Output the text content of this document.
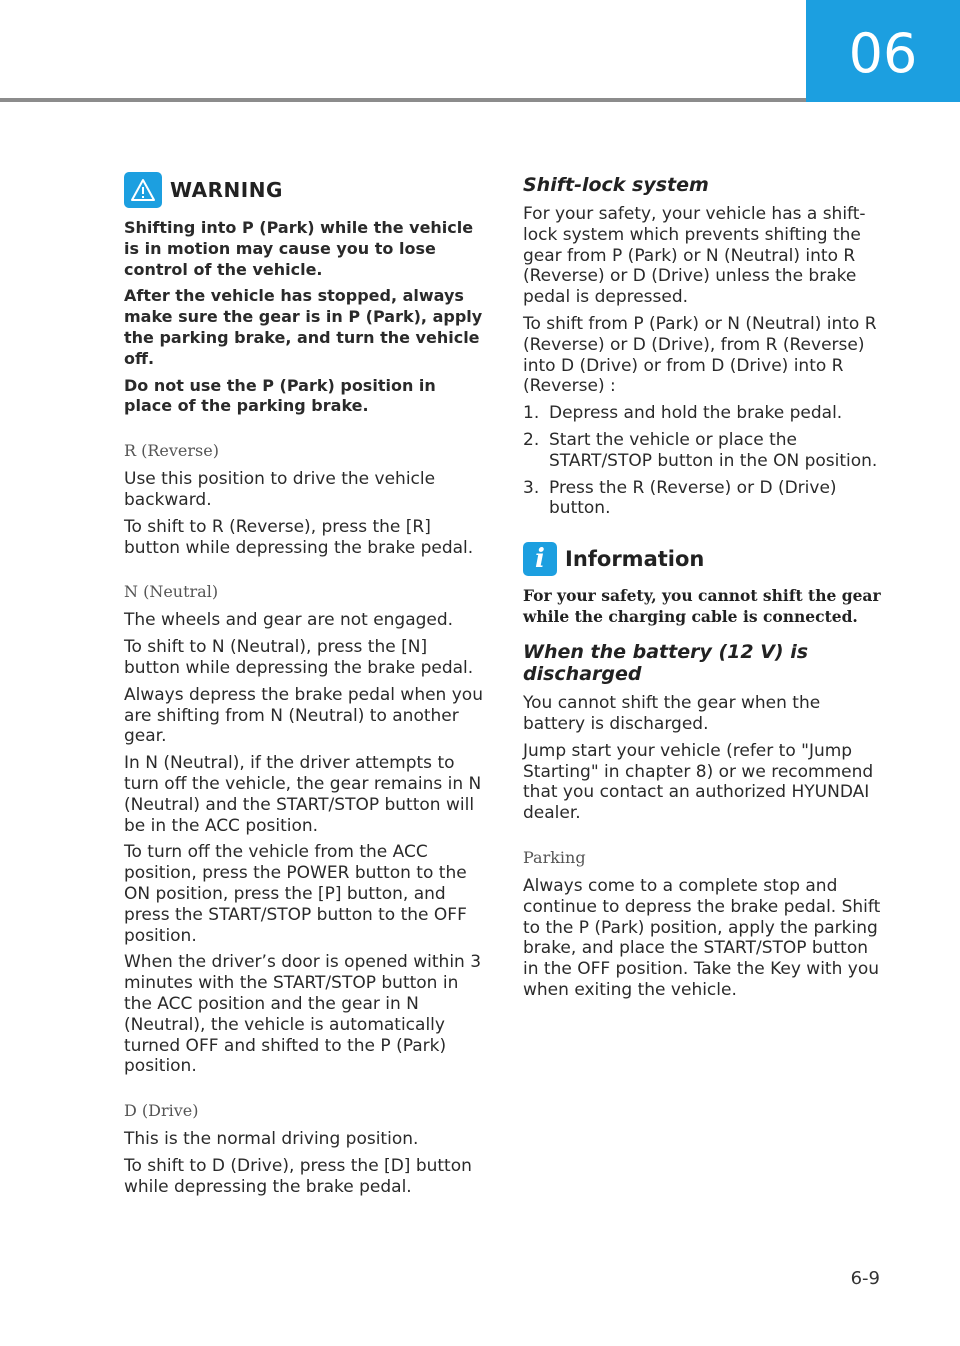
06
WARNING

Shifting into P (Park) while the vehicle is in motion may cause you to lose control of the vehicle.

After the vehicle has stopped, always make sure the gear is in P (Park), apply the parking brake, and turn the vehicle off.

Do not use the P (Park) position in place of the parking brake.

R (Reverse)

Use this position to drive the vehicle backward.

To shift to R (Reverse), press the [R] button while depressing the brake pedal.

N (Neutral)

The wheels and gear are not engaged.

To shift to N (Neutral), press the [N] button while depressing the brake pedal.

Always depress the brake pedal when you are shifting from N (Neutral) to another gear.

In N (Neutral), if the driver attempts to turn off the vehicle, the gear remains in N (Neutral) and the START/STOP button will be in the ACC position.

To turn off the vehicle from the ACC position, press the POWER button to the ON position, press the [P] button, and press the START/STOP button to the OFF position.

When the driver’s door is opened within 3 minutes with the START/STOP button in the ACC position and the gear in N (Neutral), the vehicle is automatically turned OFF and shifted to the P (Park) position.

D (Drive)

This is the normal driving position.

To shift to D (Drive), press the [D] button while depressing the brake pedal.

Shift-lock system

For your safety, your vehicle has a shift-lock system which prevents shifting the gear from P (Park) or N (Neutral) into R (Reverse) or D (Drive) unless the brake pedal is depressed.

To shift from P (Park) or N (Neutral) into R (Reverse) or D (Drive), from R (Reverse) into D (Drive) or from D (Drive) into R (Reverse) :

1. Depress and hold the brake pedal.
2. Start the vehicle or place the START/STOP button in the ON position.
3. Press the R (Reverse) or D (Drive) button.
i Information

For your safety, you cannot shift the gear while the charging cable is connected.

When the battery (12 V) is discharged

You cannot shift the gear when the battery is discharged.

Jump start your vehicle (refer to "Jump Starting" in chapter 8) or we recommend that you contact an authorized HYUNDAI dealer.

Parking

Always come to a complete stop and continue to depress the brake pedal. Shift to the P (Park) position, apply the parking brake, and place the START/STOP button in the OFF position. Take the Key with you when exiting the vehicle.

6-9
